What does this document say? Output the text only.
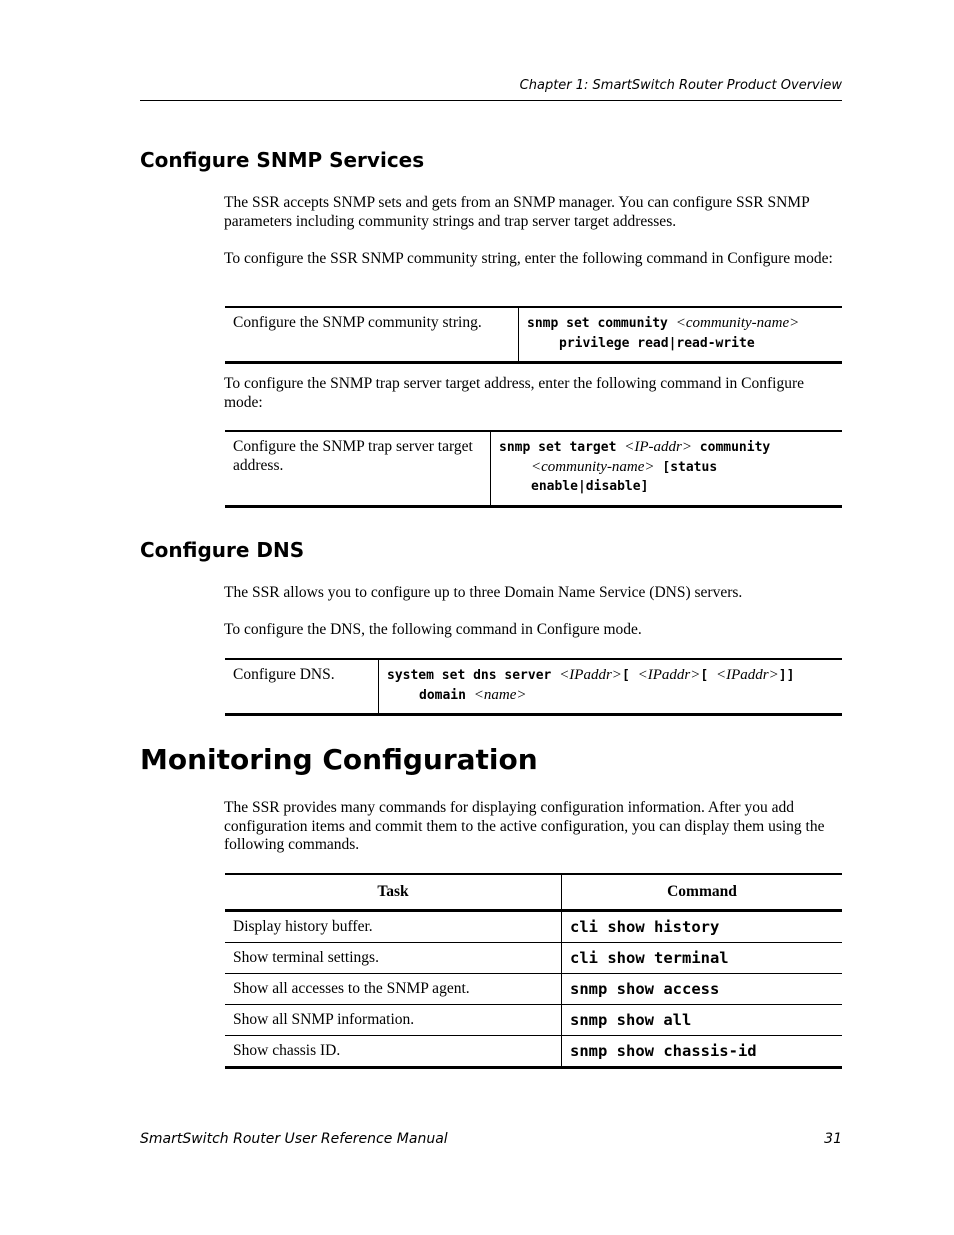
Chapter 1: SmartSwitch Router Product Overview
Configure SNMP Services

The SSR accepts SNMP sets and gets from an SNMP manager. You can configure SSR SNMP parameters including community strings and trap server target addresses.

To configure the SSR SNMP community string, enter the following command in Configure mode:

Configure the SNMP community string.	snmp set community <community-name>
privilege read|read-write

To configure the SNMP trap server target address, enter the following command in Configure mode:

Configure the SNMP trap server target address.	snmp set target <IP-addr> community
<community-name> [status
enable|disable]
Configure DNS

The SSR allows you to configure up to three Domain Name Service (DNS) servers.

To configure the DNS, the following command in Configure mode.

Configure DNS.	system set dns server <IPaddr>[ <IPaddr>[ <IPaddr>]]
domain <name>
Monitoring Configuration

The SSR provides many commands for displaying configuration information. After you add configuration items and commit them to the active configuration, you can display them using the following commands.

Task	Command
Display history buffer.	cli show history
Show terminal settings.	cli show terminal
Show all accesses to the SNMP agent.	snmp show access
Show all SNMP information.	snmp show all
Show chassis ID.	snmp show chassis-id
SmartSwitch Router User Reference Manual	31
